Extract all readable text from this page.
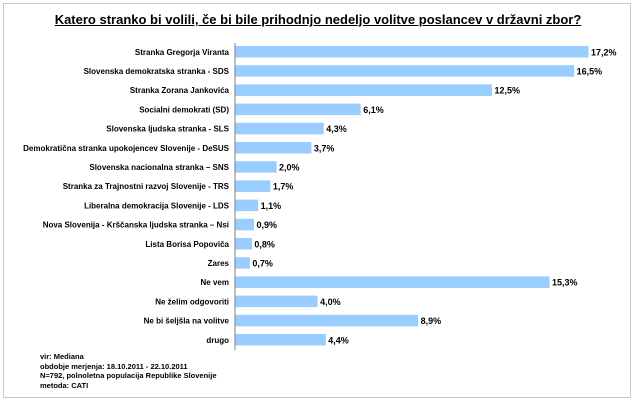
Katero stranko bi volili, če bi bile prihodnjo nedeljo volitve poslancev v državni zbor?
Stranka Gregorja Viranta	17,2%
Slovenska demokratska stranka - SDS	16,5%
Stranka Zorana Jankovića	12,5%
Socialni demokrati (SD)	6,1%
Slovenska ljudska stranka - SLS	4,3%
Demokratična stranka upokojencev Slovenije - DeSUS	3,7%
Slovenska nacionalna stranka – SNS	2,0%
Stranka za Trajnostni razvoj Slovenije - TRS	1,7%
Liberalna demokracija Slovenije - LDS	1,1%
Nova Slovenija - Krščanska ljudska stranka – Nsi	0,9%
Lista Borisa Popoviča	0,8%
Zares	0,7%
Ne vem	15,3%
Ne želim odgovoriti	4,0%
Ne bi šeljšla na volitve	8,9%
drugo	4,4%
vir: Mediana
obdobje merjenja: 18.10.2011 - 22.10.2011
N=792, polnoletna populacija Republike Slovenije
metoda: CATI
